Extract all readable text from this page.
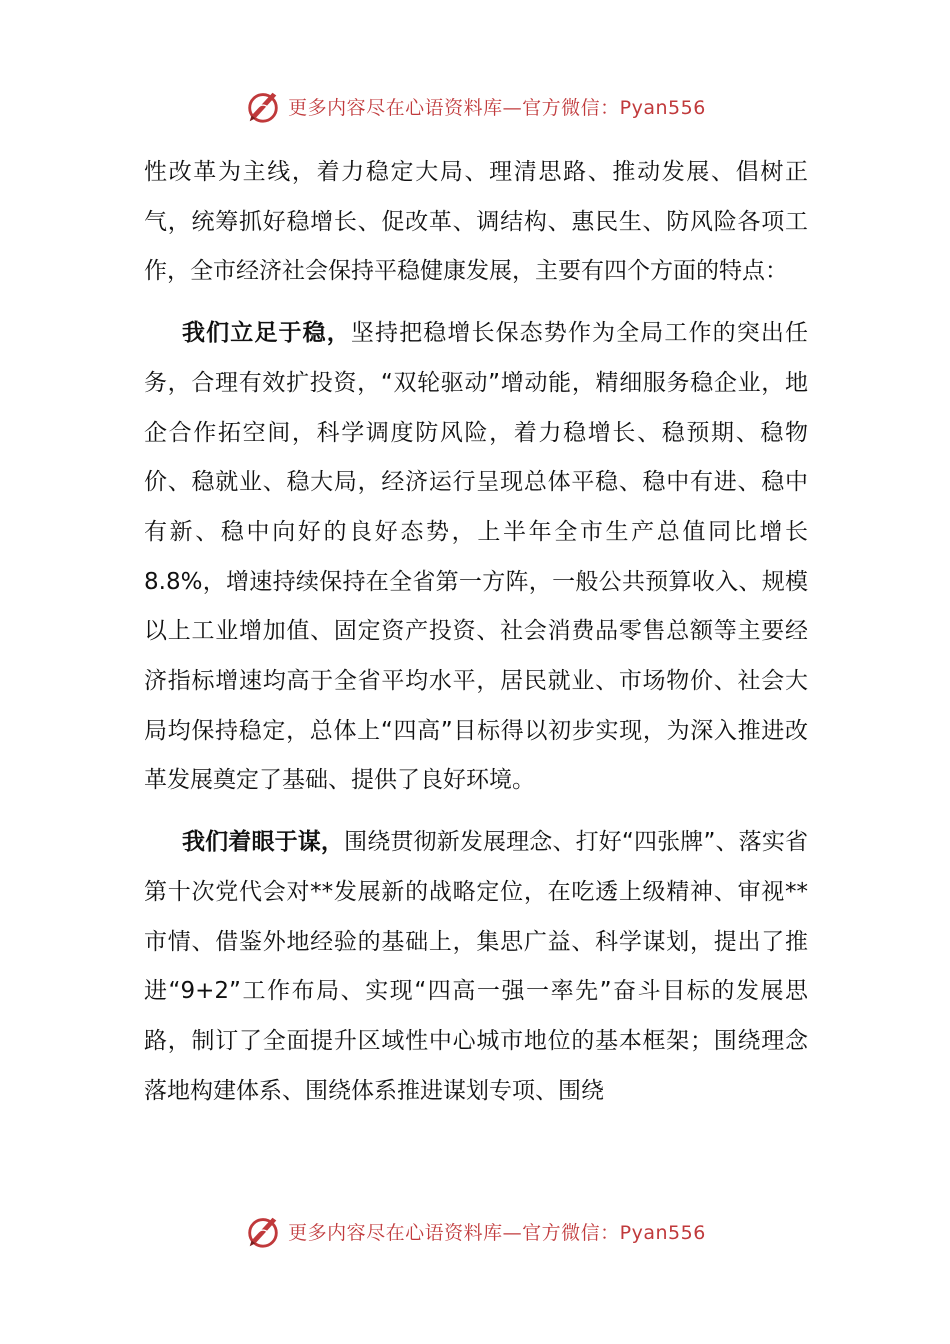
更多内容尽在心语资料库—官方微信：Pyan556

性改革为主线，着力稳定大局、理清思路、推动发展、倡树正气，统筹抓好稳增长、促改革、调结构、惠民生、防风险各项工作，全市经济社会保持平稳健康发展，主要有四个方面的特点：

我们立足于稳，坚持把稳增长保态势作为全局工作的突出任务，合理有效扩投资，“双轮驱动”增动能，精细服务稳企业，地企合作拓空间，科学调度防风险，着力稳增长、稳预期、稳物价、稳就业、稳大局，经济运行呈现总体平稳、稳中有进、稳中有新、稳中向好的良好态势，上半年全市生产总值同比增长 8.8%，增速持续保持在全省第一方阵，一般公共预算收入、规模以上工业增加值、固定资产投资、社会消费品零售总额等主要经济指标增速均高于全省平均水平，居民就业、市场物价、社会大局均保持稳定，总体上“四高”目标得以初步实现，为深入推进改革发展奠定了基础、提供了良好环境。

我们着眼于谋，围绕贯彻新发展理念、打好“四张牌”、落实省第十次党代会对**发展新的战略定位，在吃透上级精神、审视**市情、借鉴外地经验的基础上，集思广益、科学谋划，提出了推进“9+2”工作布局、实现“四高一强一率先”奋斗目标的发展思路，制订了全面提升区域性中心城市地位的基本框架；围绕理念落地构建体系、围绕体系推进谋划专项、围绕

更多内容尽在心语资料库—官方微信：Pyan556
